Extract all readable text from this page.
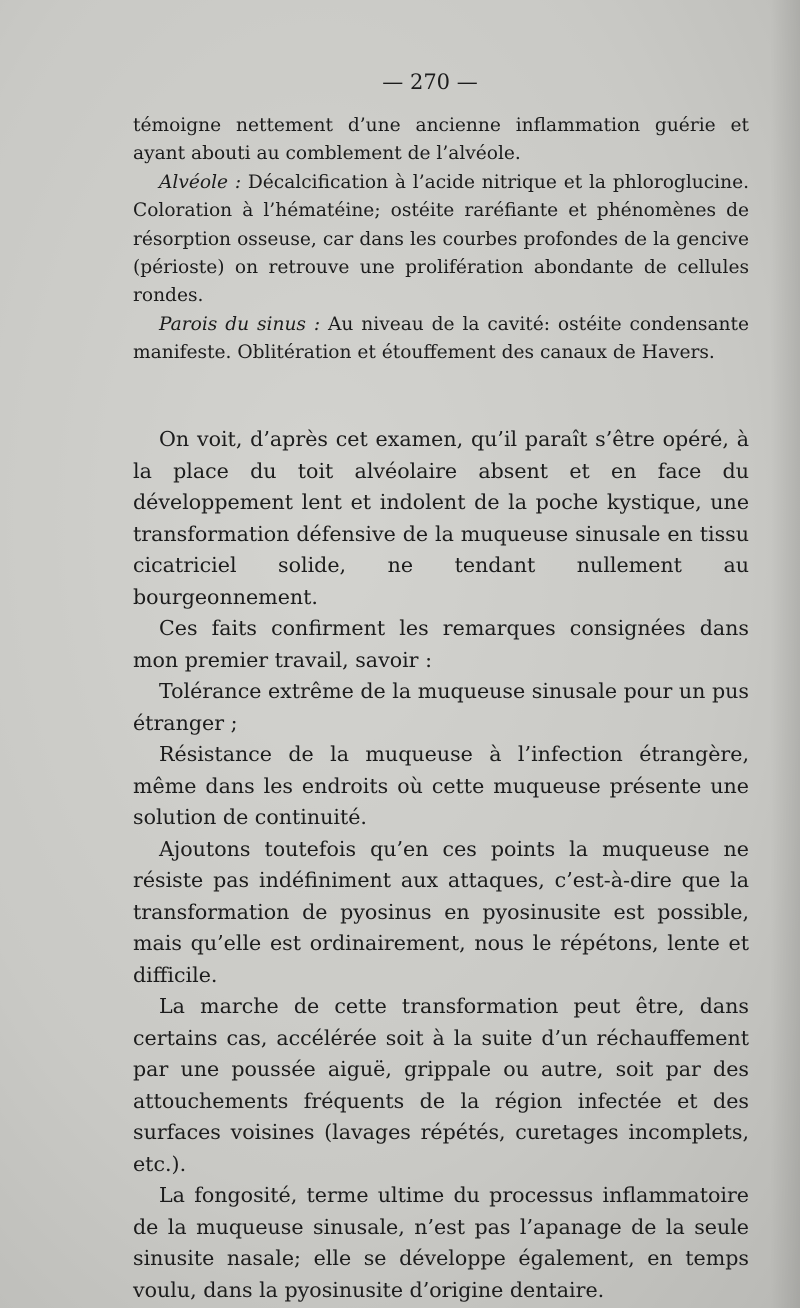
— 270 —

témoigne nettement d’une ancienne inflammation guérie et ayant abouti au comblement de l’alvéole.

Alvéole : Décalcification à l’acide nitrique et la phloroglucine. Coloration à l’hématéine; ostéite raréfiante et phénomènes de résorption osseuse, car dans les courbes profondes de la gencive (périoste) on retrouve une prolifération abondante de cellules rondes.

Parois du sinus : Au niveau de la cavité: ostéite condensante manifeste. Oblitération et étouffement des canaux de Havers.

On voit, d’après cet examen, qu’il paraît s’être opéré, à la place du toit alvéolaire absent et en face du développement lent et indolent de la poche kystique, une transformation défensive de la muqueuse sinusale en tissu cicatriciel solide, ne tendant nullement au bourgeonnement.

Ces faits confirment les remarques consignées dans mon premier travail, savoir :

Tolérance extrême de la muqueuse sinusale pour un pus étranger ;

Résistance de la muqueuse à l’infection étrangère, même dans les endroits où cette muqueuse présente une solution de continuité.

Ajoutons toutefois qu’en ces points la muqueuse ne résiste pas indéfiniment aux attaques, c’est-à-dire que la transformation de pyosinus en pyosinusite est possible, mais qu’elle est ordinairement, nous le répétons, lente et difficile.

La marche de cette transformation peut être, dans certains cas, accélérée soit à la suite d’un réchauffement par une poussée aiguë, grippale ou autre, soit par des attouchements fréquents de la région infectée et des surfaces voisines (lavages répétés, curetages incomplets, etc.).

La fongosité, terme ultime du processus inflammatoire de la muqueuse sinusale, n’est pas l’apanage de la seule sinusite nasale; elle se développe également, en temps voulu, dans la pyosinusite d’origine dentaire.
